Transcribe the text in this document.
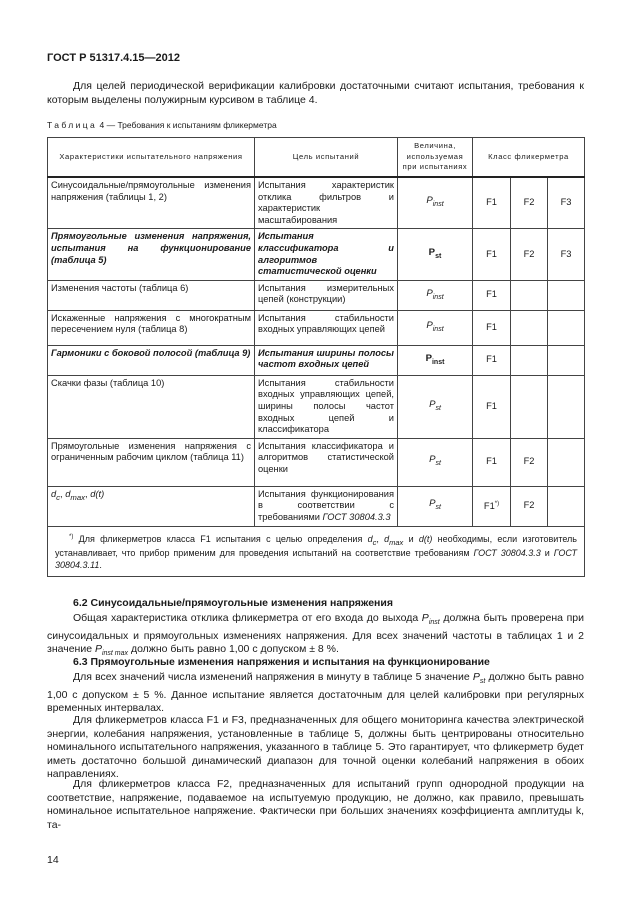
ГОСТ Р 51317.4.15—2012
Для целей периодической верификации калибровки достаточными считают испытания, требования к которым выделены полужирным курсивом в таблице 4.
Таблица 4 — Требования к испытаниям фликерметра
Характеристики испытательного напряжения	Цель испытаний	Величина, используемая при испытаниях	Класс фликерметра		
Синусоидальные/прямоугольные изменения напряжения (таблицы 1, 2)	Испытания характеристик отклика фильтров и характеристик масштабирования	$P_{inst}$	F1	F2	F3
Прямоугольные изменения напряжения, испытания на функционирование (таблица 5)	Испытания классификатора и алгоритмов статистической оценки	$P_{st}$	F1	F2	F3
Изменения частоты (таблица 6)	Испытания измерительных цепей (конструкции)	$P_{inst}$	F1		
Искаженные напряжения с многократным пересечением нуля (таблица 8)	Испытания стабильности входных управляющих цепей	$P_{inst}$	F1		
Гармоники с боковой полосой (таблица 9)	Испытания ширины полосы частот входных цепей	$P_{inst}$	F1		
Скачки фазы (таблица 10)	Испытания стабильности входных управляющих цепей, ширины полосы частот входных цепей и классификатора	$P_{st}$	F1		
Прямоугольные изменения напряжения с ограниченным рабочим циклом (таблица 11)	Испытания классификатора и алгоритмов статистической оценки	$P_{st}$	F1	F2	
$d_c$, $d_{max}$, d(t)	Испытания функционирования в соответствии с требованиями ГОСТ 30804.3.3	$P_{st}$	F1*)	F2	
*) Для фликерметров класса F1 испытания с целью определения $d_c$, $d_{max}$ и d(t) необходимы, если изготовитель устанавливает, что прибор применим для проведения испытаний на соответствие требованиям ГОСТ 30804.3.3 и ГОСТ 30804.3.11.					
6.2 Синусоидальные/прямоугольные изменения напряжения
Общая характеристика отклика фликерметра от его входа до выхода $P_{inst}$ должна быть проверена при синусоидальных и прямоугольных изменениях напряжения. Для всех значений частоты в таблицах 1 и 2 значение $P_{inst max}$ должно быть равно 1,00 с допуском ± 8 %.
6.3 Прямоугольные изменения напряжения и испытания на функционирование
Для всех значений числа изменений напряжения в минуту в таблице 5 значение $P_{st}$ должно быть равно 1,00 с допуском ± 5 %. Данное испытание является достаточным для целей калибровки при регулярных временных интервалах.
Для фликерметров класса F1 и F3, предназначенных для общего мониторинга качества электрической энергии, колебания напряжения, установленные в таблице 5, должны быть центрированы относительно номинального испытательного напряжения, указанного в таблице 5. Это гарантирует, что фликерметр будет иметь достаточно большой динамический диапазон для точной оценки колебаний напряжения в обоих направлениях.
Для фликерметров класса F2, предназначенных для испытаний групп однородной продукции на соответствие, напряжение, подаваемое на испытуемую продукцию, не должно, как правило, превышать номинальное испытательное напряжение. Фактически при больших значениях коэффициента амплитуды k, та-
14
